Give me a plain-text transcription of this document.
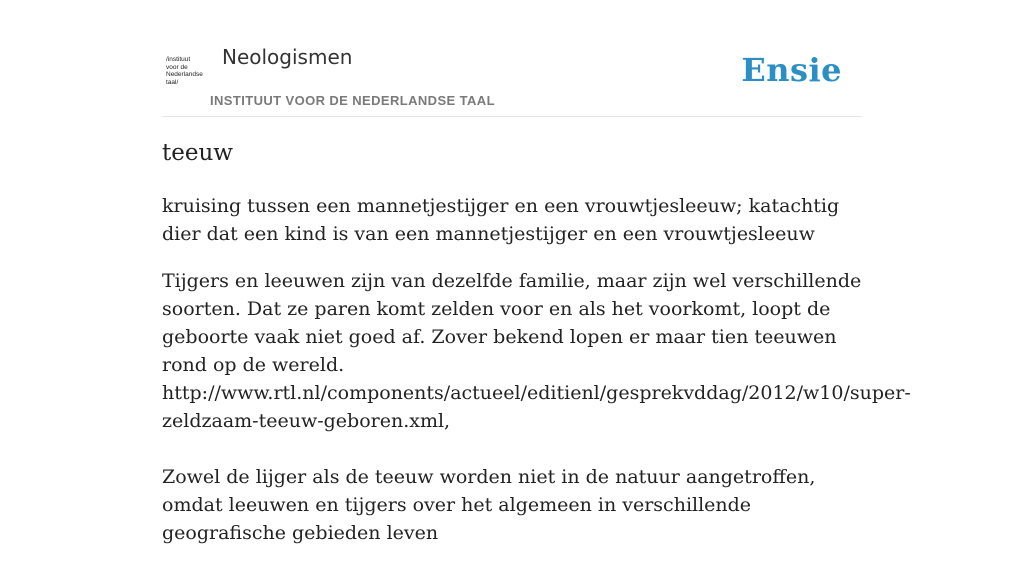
/instituut
voor de
Nederlandse
taal/
Neologismen
INSTITUUT VOOR DE NEDERLANDSE TAAL
Ensie
teeuw
kruising tussen een mannetjestijger en een vrouwtjesleeuw; katachtig dier dat een kind is van een mannetjestijger en een vrouwtjesleeuw

Tijgers en leeuwen zijn van dezelfde familie, maar zijn wel verschillende soorten. Dat ze paren komt zelden voor en als het voorkomt, loopt de geboorte vaak niet goed af. Zover bekend lopen er maar tien teeuwen rond op de wereld. http://www.rtl.nl/components/actueel/editienl/gesprekvddag/2012/w10/super-zeldzaam-teeuw-geboren.xml,

Zowel de lijger als de teeuw worden niet in de natuur aangetroffen, omdat leeuwen en tijgers over het algemeen in verschillende geografische gebieden leven
